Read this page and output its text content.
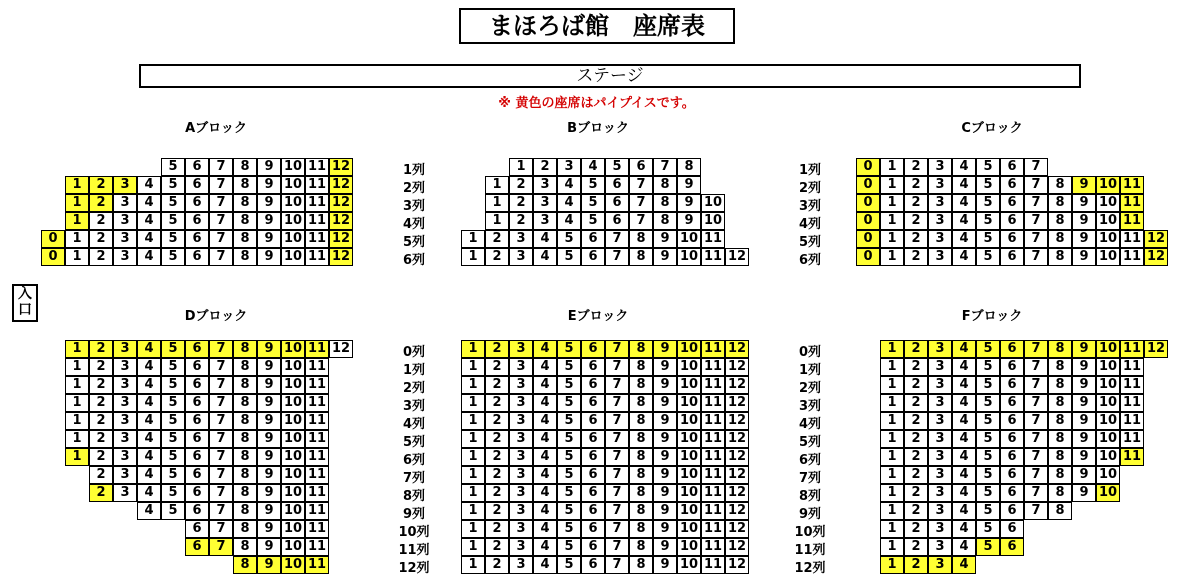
まほろば館　座席表
ステージ
※ 黄色の座席はパイプイスです。
入
口
Aブロック
5	6	7	8	9 10 11 12
1	2	3	4	5	6	7	8	9 10 11 12
1	2	3	4	5	6	7	8	9 10 11 12
1	2	3	4	5	6	7	8	9 10 11 12
0	1	2	3	4	5	6	7	8	9 10 11 12
0	1	2	3	4	5	6	7	8	9 10 11 12
Bブロック
1	2	3	4	5	6	7	8
1	2	3	4	5	6	7	8	9
1	2	3	4	5	6	7	8	9 10
1	2	3	4	5	6	7	8	9 10
1	2	3	4	5	6	7	8	9 10 11
1	2	3	4	5	6	7	8	9 10 11 12
Cブロック
0	1	2	3	4	5	6	7
0	1	2	3	4	5	6	7	8	9 10 11
0	1	2	3	4	5	6	7	8	9 10 11
0	1	2	3	4	5	6	7	8	9 10 11
0	1	2	3	4	5	6	7	8	9 10 11 12
0	1	2	3	4	5	6	7	8	9 10 11 12
Dブロック
1	2	3	4	5	6	7	8	9 10 11 12
1	2	3	4	5	6	7	8	9 10 11
1	2	3	4	5	6	7	8	9 10 11
1	2	3	4	5	6	7	8	9 10 11
1	2	3	4	5	6	7	8	9 10 11
1	2	3	4	5	6	7	8	9 10 11
1	2	3	4	5	6	7	8	9 10 11
2	3	4	5	6	7	8	9 10 11
2	3	4	5	6	7	8	9 10 11
4	5	6	7	8	9 10 11
6	7	8	9 10 11
6	7	8	9 10 11
8	9 10 11
Eブロック
1	2	3	4	5	6	7	8	9 10 11 12
1	2	3	4	5	6	7	8	9 10 11 12
1	2	3	4	5	6	7	8	9 10 11 12
1	2	3	4	5	6	7	8	9 10 11 12
1	2	3	4	5	6	7	8	9 10 11 12
1	2	3	4	5	6	7	8	9 10 11 12
1	2	3	4	5	6	7	8	9 10 11 12
1	2	3	4	5	6	7	8	9 10 11 12
1	2	3	4	5	6	7	8	9 10 11 12
1	2	3	4	5	6	7	8	9 10 11 12
1	2	3	4	5	6	7	8	9 10 11 12
1	2	3	4	5	6	7	8	9 10 11 12
1	2	3	4	5	6	7	8	9 10 11 12
Fブロック
1	2	3	4	5	6	7	8	9 10 11 12
1	2	3	4	5	6	7	8	9 10 11
1	2	3	4	5	6	7	8	9 10 11
1	2	3	4	5	6	7	8	9 10 11
1	2	3	4	5	6	7	8	9 10 11
1	2	3	4	5	6	7	8	9 10 11
1	2	3	4	5	6	7	8	9 10 11
1	2	3	4	5	6	7	8	9 10
1	2	3	4	5	6	7	8	9 10
1	2	3	4	5	6	7	8
1	2	3	4	5	6
1	2	3	4	5	6
1	2	3	4
1列	1列
2列	2列
3列	3列
4列	4列
5列	5列
6列	6列
0列	0列
1列	1列
2列	2列
3列	3列
4列	4列
5列	5列
6列	6列
7列	7列
8列	8列
9列	9列
10列	10列
11列	11列
12列	12列
